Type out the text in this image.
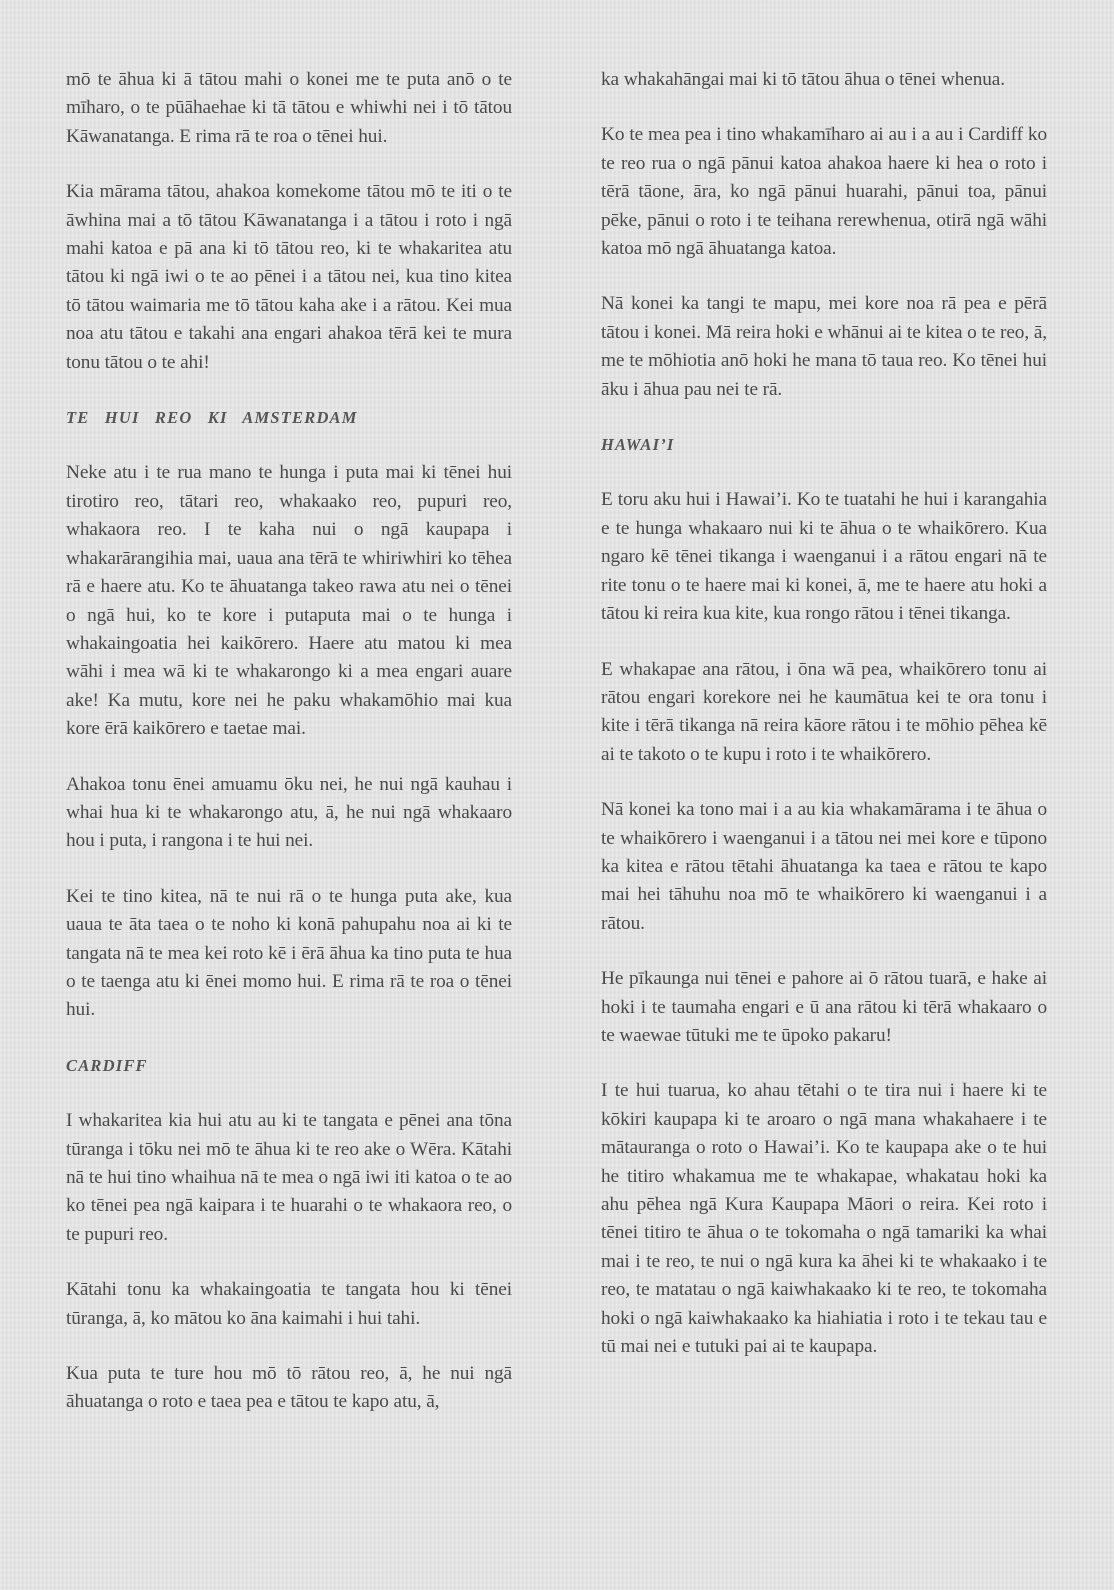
mō te āhua ki ā tātou mahi o konei me te puta anō o te mīharo, o te pūāhaehae ki tā tātou e whiwhi nei i tō tātou Kāwanatanga. E rima rā te roa o tēnei hui.

Kia mārama tātou, ahakoa komekome tātou mō te iti o te āwhina mai a tō tātou Kāwanatanga i a tātou i roto i ngā mahi katoa e pā ana ki tō tātou reo, ki te whakaritea atu tātou ki ngā iwi o te ao pēnei i a tātou nei, kua tino kitea tō tātou waimaria me tō tātou kaha ake i a rātou. Kei mua noa atu tātou e takahi ana engari ahakoa tērā kei te mura tonu tātou o te ahi!

TE HUI REO KI AMSTERDAM

Neke atu i te rua mano te hunga i puta mai ki tēnei hui tirotiro reo, tātari reo, whakaako reo, pupuri reo, whakaora reo. I te kaha nui o ngā kaupapa i whakarārangihia mai, uaua ana tērā te whiriwhiri ko tēhea rā e haere atu. Ko te āhuatanga takeo rawa atu nei o tēnei o ngā hui, ko te kore i putaputa mai o te hunga i whakaingoatia hei kaikōrero. Haere atu matou ki mea wāhi i mea wā ki te whakarongo ki a mea engari auare ake! Ka mutu, kore nei he paku whakamōhio mai kua kore ērā kaikōrero e taetae mai.

Ahakoa tonu ēnei amuamu ōku nei, he nui ngā kauhau i whai hua ki te whakarongo atu, ā, he nui ngā whakaaro hou i puta, i rangona i te hui nei.

Kei te tino kitea, nā te nui rā o te hunga puta ake, kua uaua te āta taea o te noho ki konā pahupahu noa ai ki te tangata nā te mea kei roto kē i ērā āhua ka tino puta te hua o te taenga atu ki ēnei momo hui. E rima rā te roa o tēnei hui.

CARDIFF

I whakaritea kia hui atu au ki te tangata e pēnei ana tōna tūranga i tōku nei mō te āhua ki te reo ake o Wēra. Kātahi nā te hui tino whaihua nā te mea o ngā iwi iti katoa o te ao ko tēnei pea ngā kaipara i te huarahi o te whakaora reo, o te pupuri reo.

Kātahi tonu ka whakaingoatia te tangata hou ki tēnei tūranga, ā, ko mātou ko āna kaimahi i hui tahi.

Kua puta te ture hou mō tō rātou reo, ā, he nui ngā āhuatanga o roto e taea pea e tātou te kapo atu, ā,

ka whakahāngai mai ki tō tātou āhua o tēnei whenua.

Ko te mea pea i tino whakamīharo ai au i a au i Cardiff ko te reo rua o ngā pānui katoa ahakoa haere ki hea o roto i tērā tāone, āra, ko ngā pānui huarahi, pānui toa, pānui pēke, pānui o roto i te teihana rerewhenua, otirā ngā wāhi katoa mō ngā āhuatanga katoa.

Nā konei ka tangi te mapu, mei kore noa rā pea e pērā tātou i konei. Mā reira hoki e whānui ai te kitea o te reo, ā, me te mōhiotia anō hoki he mana tō taua reo. Ko tēnei hui āku i āhua pau nei te rā.

HAWAI’I

E toru aku hui i Hawai’i. Ko te tuatahi he hui i karangahia e te hunga whakaaro nui ki te āhua o te whaikōrero. Kua ngaro kē tēnei tikanga i waenganui i a rātou engari nā te rite tonu o te haere mai ki konei, ā, me te haere atu hoki a tātou ki reira kua kite, kua rongo rātou i tēnei tikanga.

E whakapae ana rātou, i ōna wā pea, whaikōrero tonu ai rātou engari korekore nei he kaumātua kei te ora tonu i kite i tērā tikanga nā reira kāore rātou i te mōhio pēhea kē ai te takoto o te kupu i roto i te whaikōrero.

Nā konei ka tono mai i a au kia whakamārama i te āhua o te whaikōrero i waenganui i a tātou nei mei kore e tūpono ka kitea e rātou tētahi āhuatanga ka taea e rātou te kapo mai hei tāhuhu noa mō te whaikōrero ki waenganui i a rātou.

He pīkaunga nui tēnei e pahore ai ō rātou tuarā, e hake ai hoki i te taumaha engari e ū ana rātou ki tērā whakaaro o te waewae tūtuki me te ūpoko pakaru!

I te hui tuarua, ko ahau tētahi o te tira nui i haere ki te kōkiri kaupapa ki te aroaro o ngā mana whakahaere i te mātauranga o roto o Hawai’i. Ko te kaupapa ake o te hui he titiro whakamua me te whakapae, whakatau hoki ka ahu pēhea ngā Kura Kaupapa Māori o reira. Kei roto i tēnei titiro te āhua o te tokomaha o ngā tamariki ka whai mai i te reo, te nui o ngā kura ka āhei ki te whakaako i te reo, te matatau o ngā kaiwhakaako ki te reo, te tokomaha hoki o ngā kaiwhakaako ka hiahiatia i roto i te tekau tau e tū mai nei e tutuki pai ai te kaupapa.
